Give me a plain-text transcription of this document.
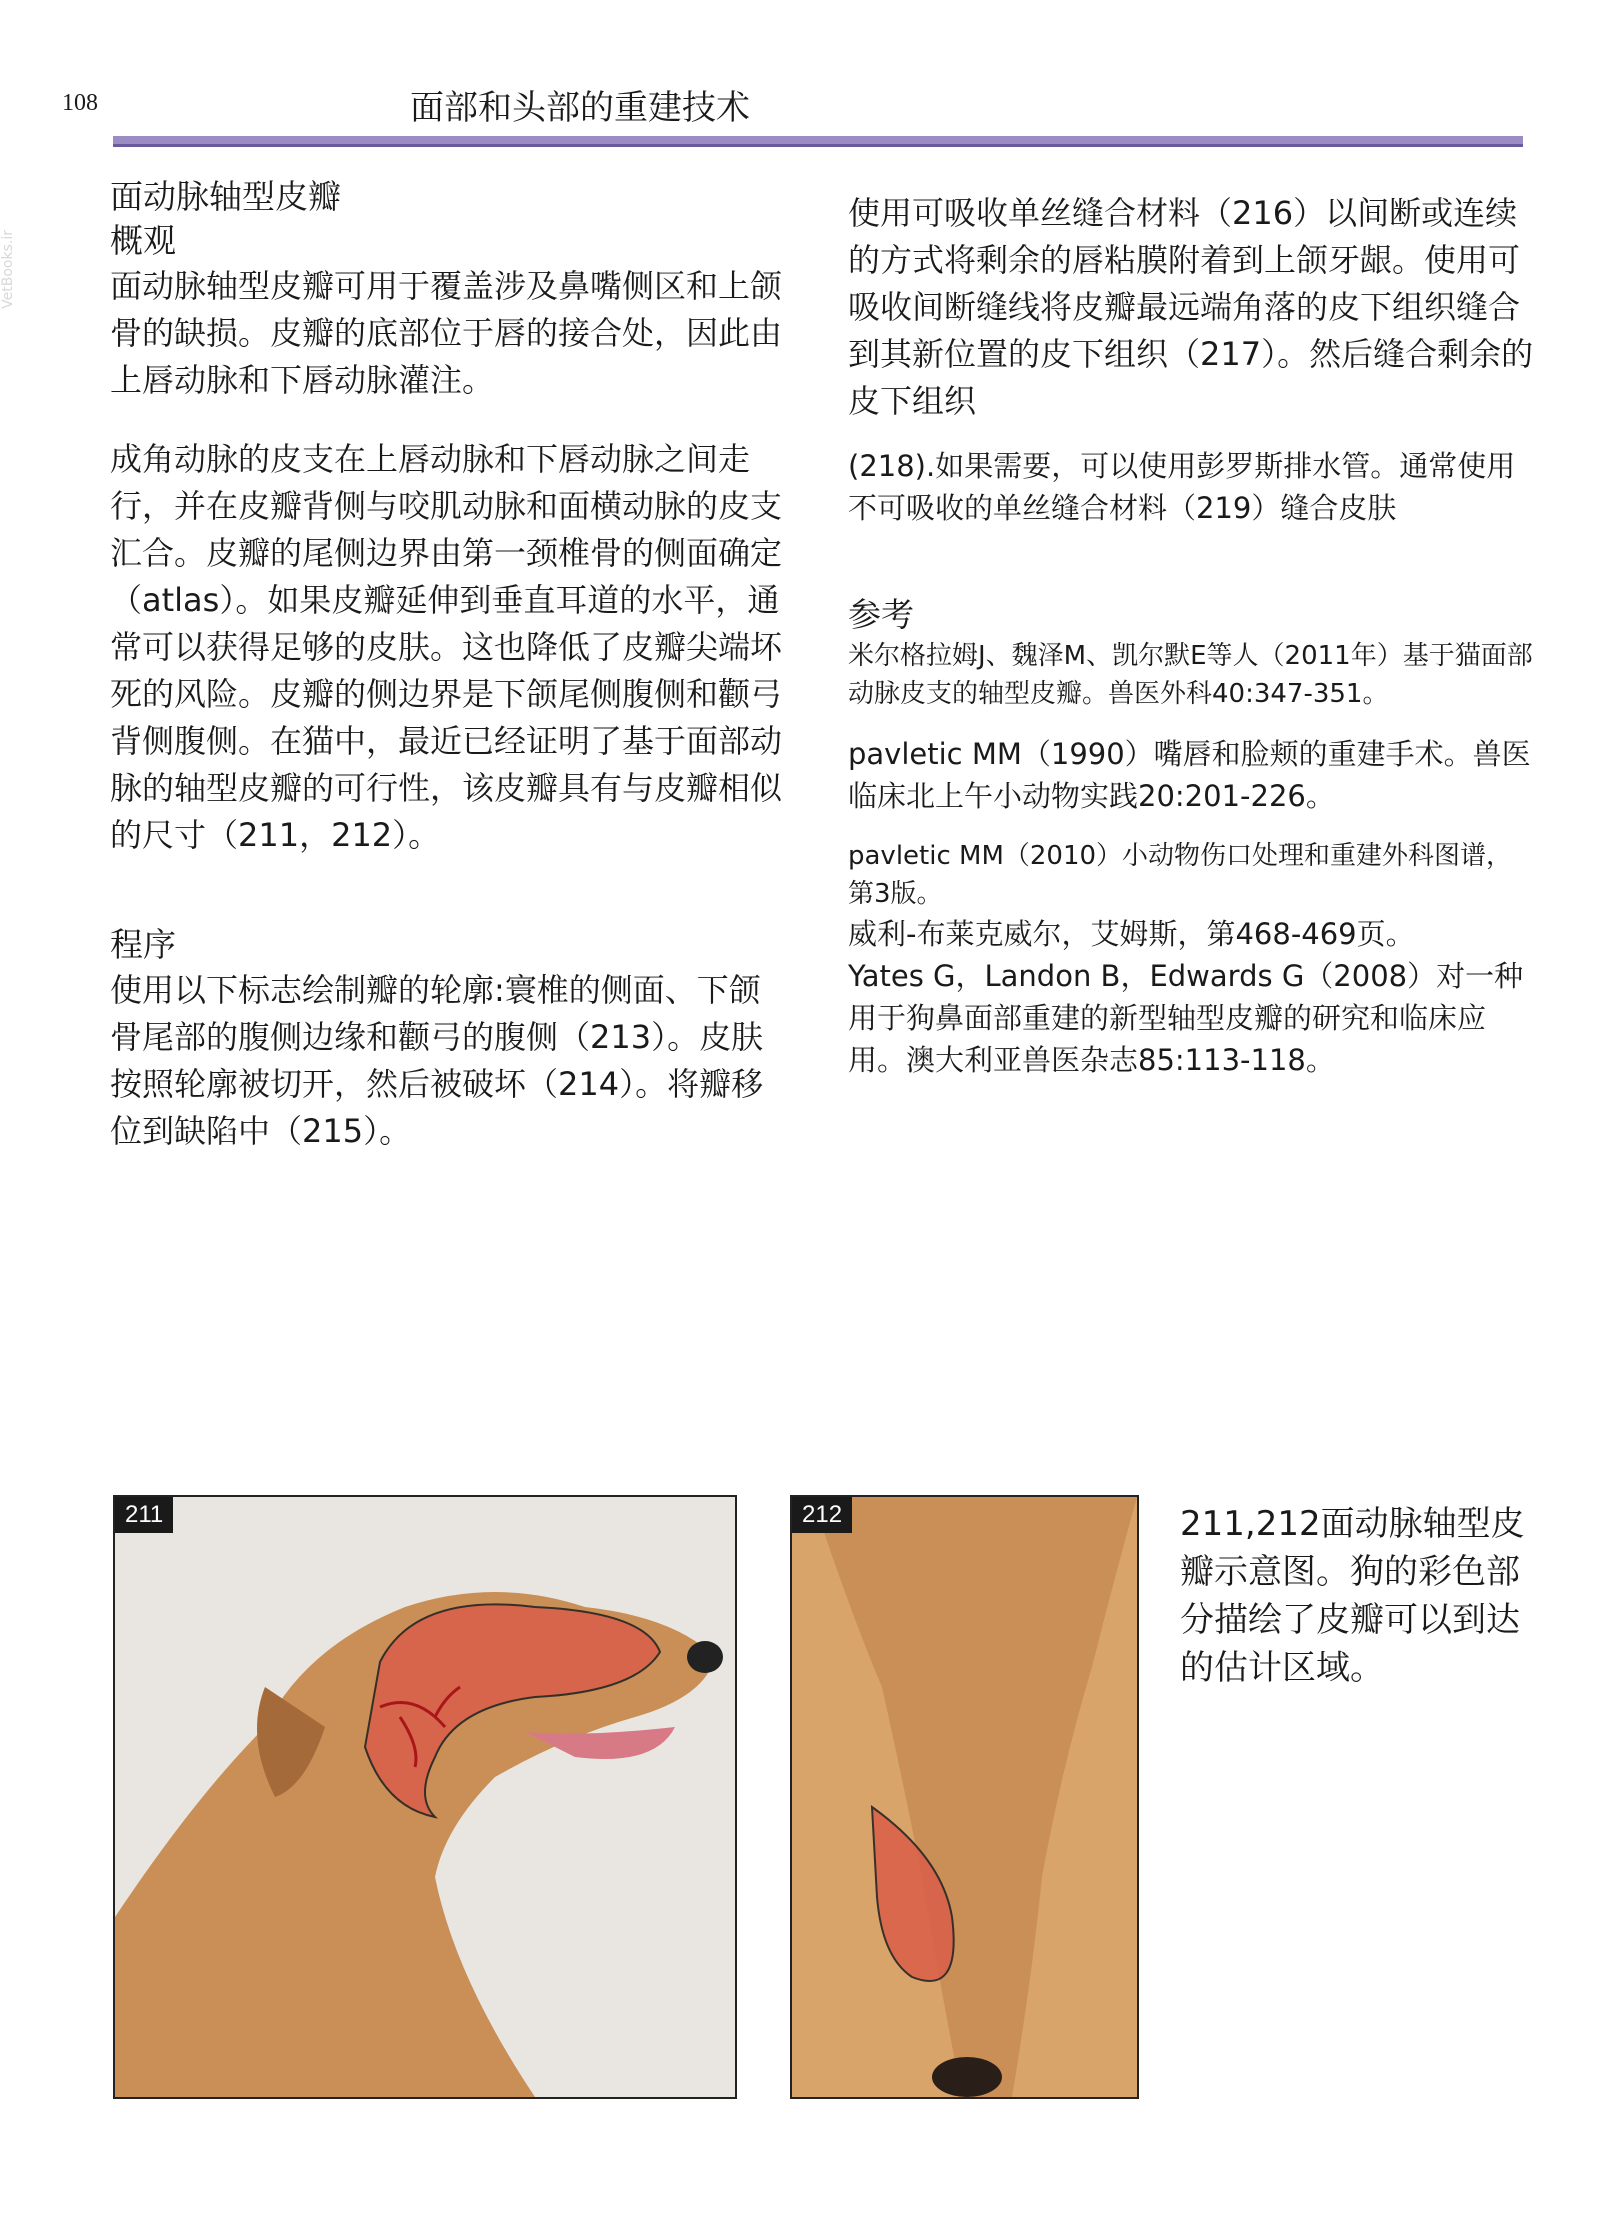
108	面部和头部的重建技术
VetBooks.ir
面动脉轴型皮瓣
概观

面动脉轴型皮瓣可用于覆盖涉及鼻嘴侧区和上颌骨的缺损。皮瓣的底部位于唇的接合处，因此由上唇动脉和下唇动脉灌注。

成角动脉的皮支在上唇动脉和下唇动脉之间走行，并在皮瓣背侧与咬肌动脉和面横动脉的皮支汇合。皮瓣的尾侧边界由第一颈椎骨的侧面确定（atlas）。如果皮瓣延伸到垂直耳道的水平，通常可以获得足够的皮肤。这也降低了皮瓣尖端坏死的风险。皮瓣的侧边界是下颌尾侧腹侧和颧弓背侧腹侧。在猫中，最近已经证明了基于面部动脉的轴型皮瓣的可行性，该皮瓣具有与皮瓣相似的尺寸（211，212）。

程序

使用以下标志绘制瓣的轮廓:寰椎的侧面、下颌骨尾部的腹侧边缘和颧弓的腹侧（213）。皮肤按照轮廓被切开，然后被破坏（214）。将瓣移位到缺陷中（215）。

使用可吸收单丝缝合材料（216）以间断或连续的方式将剩余的唇粘膜附着到上颌牙龈。使用可吸收间断缝线将皮瓣最远端角落的皮下组织缝合到其新位置的皮下组织（217）。然后缝合剩余的皮下组织

(218).如果需要，可以使用彭罗斯排水管。通常使用不可吸收的单丝缝合材料（219）缝合皮肤

参考

米尔格拉姆J、魏泽M、凯尔默E等人（2011年）基于猫面部动脉皮支的轴型皮瓣。兽医外科40:347-351。

pavletic MM（1990）嘴唇和脸颊的重建手术。兽医临床北上午小动物实践20:201-226。

pavletic MM（2010）小动物伤口处理和重建外科图谱，第3版。

威利-布莱克威尔，艾姆斯，第468-469页。

Yates G，Landon B，Edwards G（2008）对一种用于狗鼻面部重建的新型轴型皮瓣的研究和临床应用。澳大利亚兽医杂志85:113-118。

211	212	211,212面动脉轴型皮瓣示意图。狗的彩色部分描绘了皮瓣可以到达的估计区域。
